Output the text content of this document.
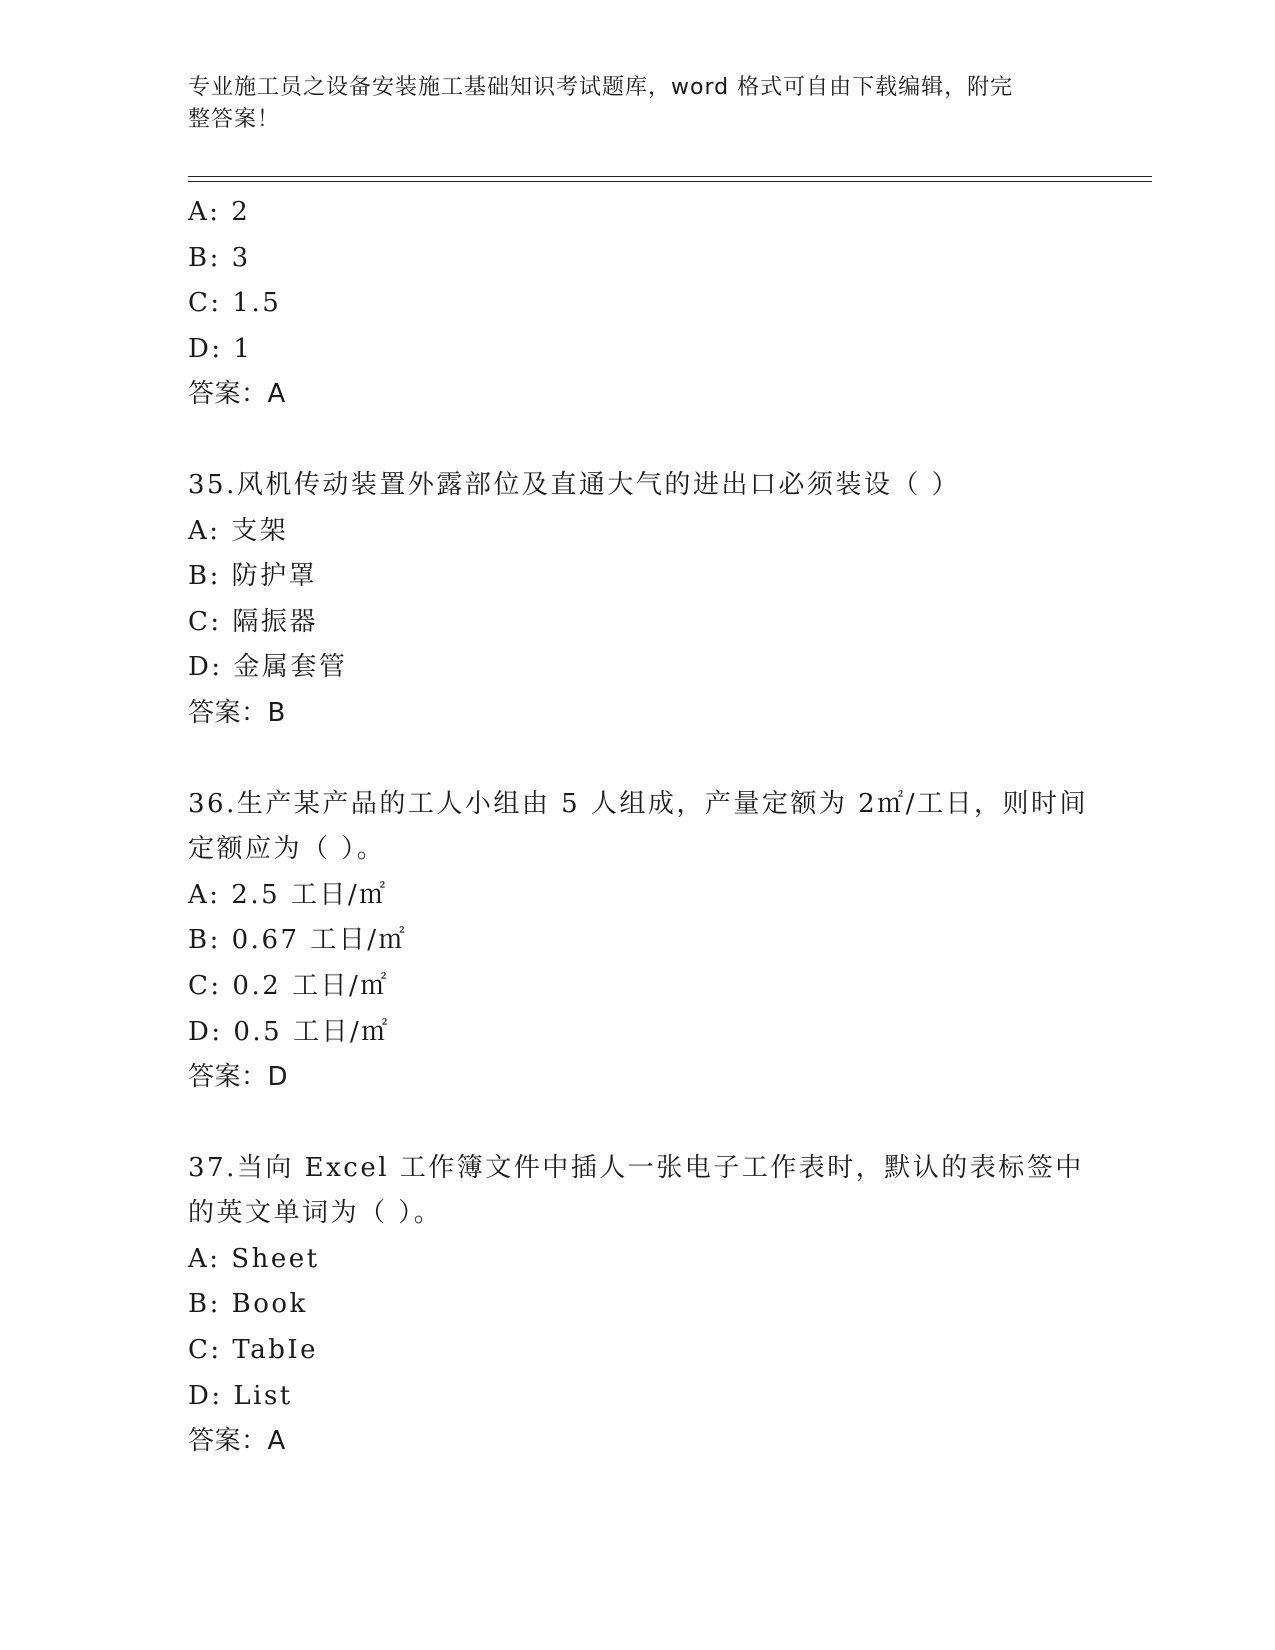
专业施工员之设备安装施工基础知识考试题库，word 格式可自由下载编辑，附完
整答案！
A: 2
B: 3
C: 1.5
D: 1
答案：A
35.风机传动装置外露部位及直通大气的进出口必须装设（ ）
A: 支架
B: 防护罩
C: 隔振器
D: 金属套管
答案：B
36.生产某产品的工人小组由 5 人组成，产量定额为 2㎡/工日，则时间
定额应为（ ）。
A: 2.5 工日/㎡
B: 0.67 工日/㎡
C: 0.2 工日/㎡
D: 0.5 工日/㎡
答案：D
37.当向 Excel 工作簿文件中插人一张电子工作表时，默认的表标签中
的英文单词为（ ）。
A: Sheet
B: Book
C: TabIe
D: List
答案：A
